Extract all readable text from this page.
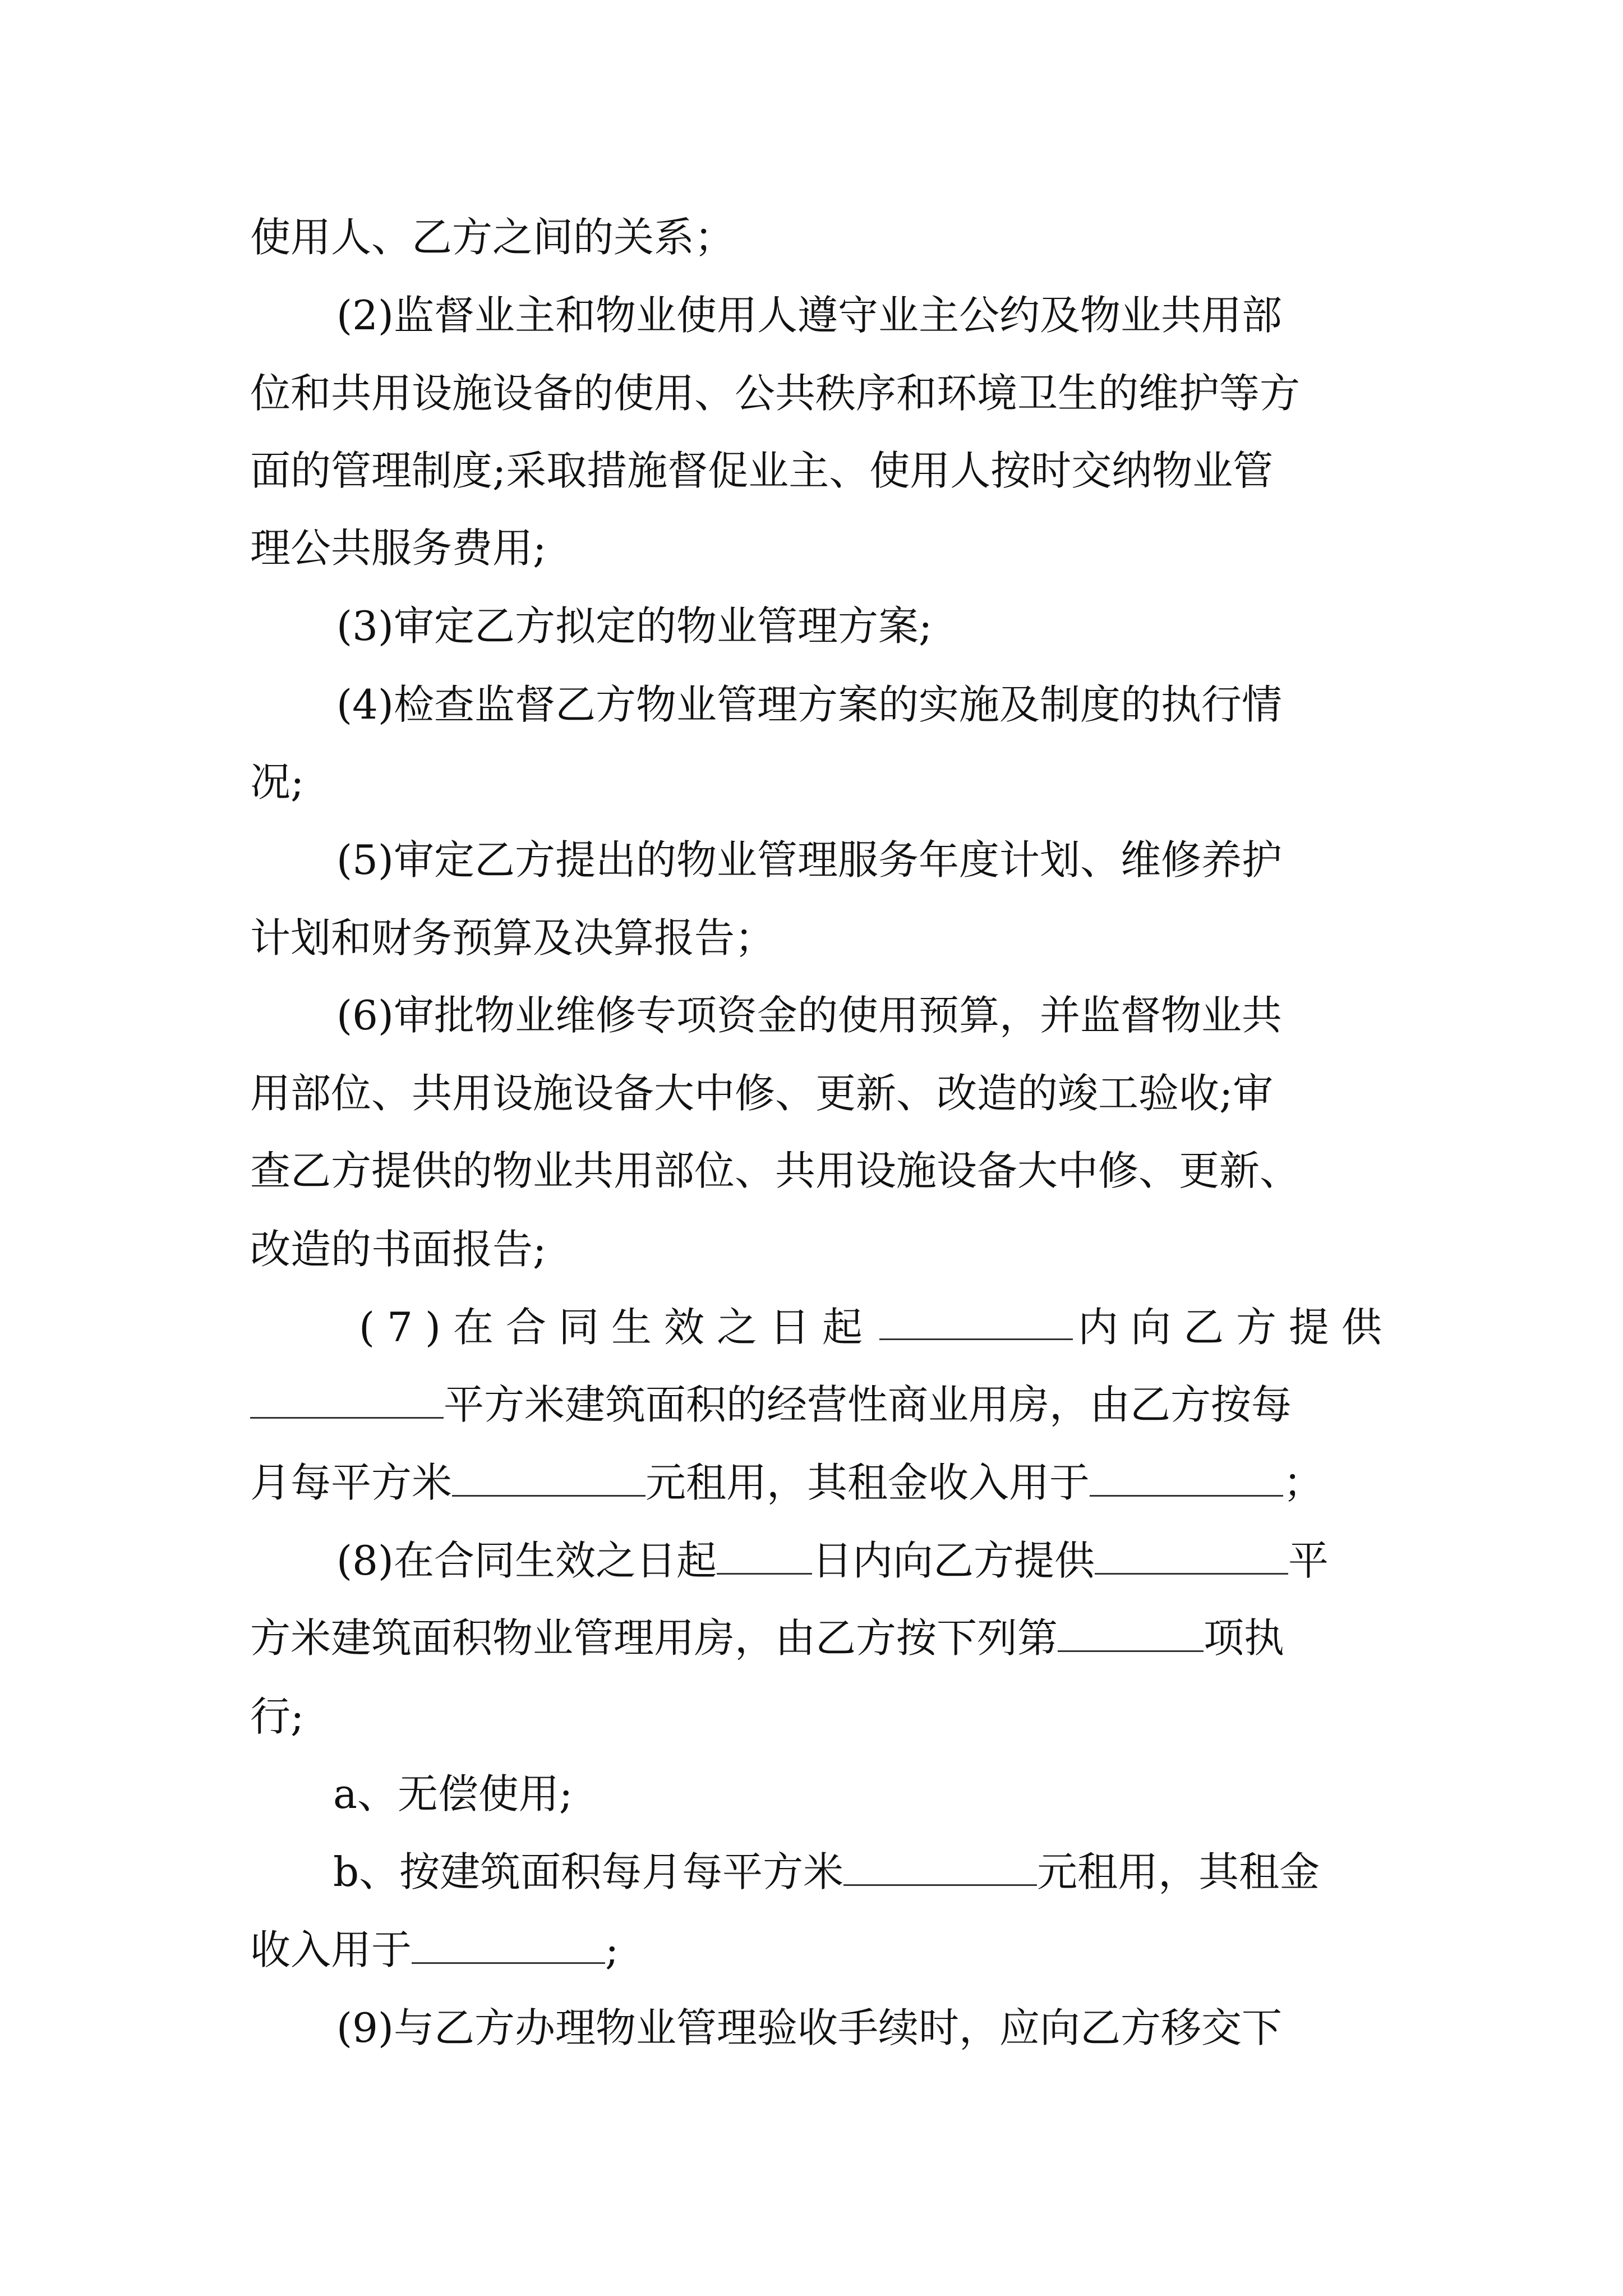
使用人、乙方之间的关系；
(2)监督业主和物业使用人遵守业主公约及物业共用部
位和共用设施设备的使用、公共秩序和环境卫生的维护等方
面的管理制度;采取措施督促业主、使用人按时交纳物业管
理公共服务费用;
(3)审定乙方拟定的物业管理方案;
(4)检查监督乙方物业管理方案的实施及制度的执行情
况;
(5)审定乙方提出的物业管理服务年度计划、维修养护
计划和财务预算及决算报告；
(6)审批物业维修专项资金的使用预算，并监督物业共
用部位、共用设施设备大中修、更新、改造的竣工验收;审
查乙方提供的物业共用部位、共用设施设备大中修、更新、
改造的书面报告;
(7)在合同生效之日起	内向乙方提供
平方米建筑面积的经营性商业用房，由乙方按每
月每平方米	元租用，其租金收入用于	；
(8)在合同生效之日起 日内向乙方提供	平
方米建筑面积物业管理用房，由乙方按下列第	项执
行;
a、无偿使用;
b、按建筑面积每月每平方米	元租用，其租金
收入用于	;
(9)与乙方办理物业管理验收手续时，应向乙方移交下
